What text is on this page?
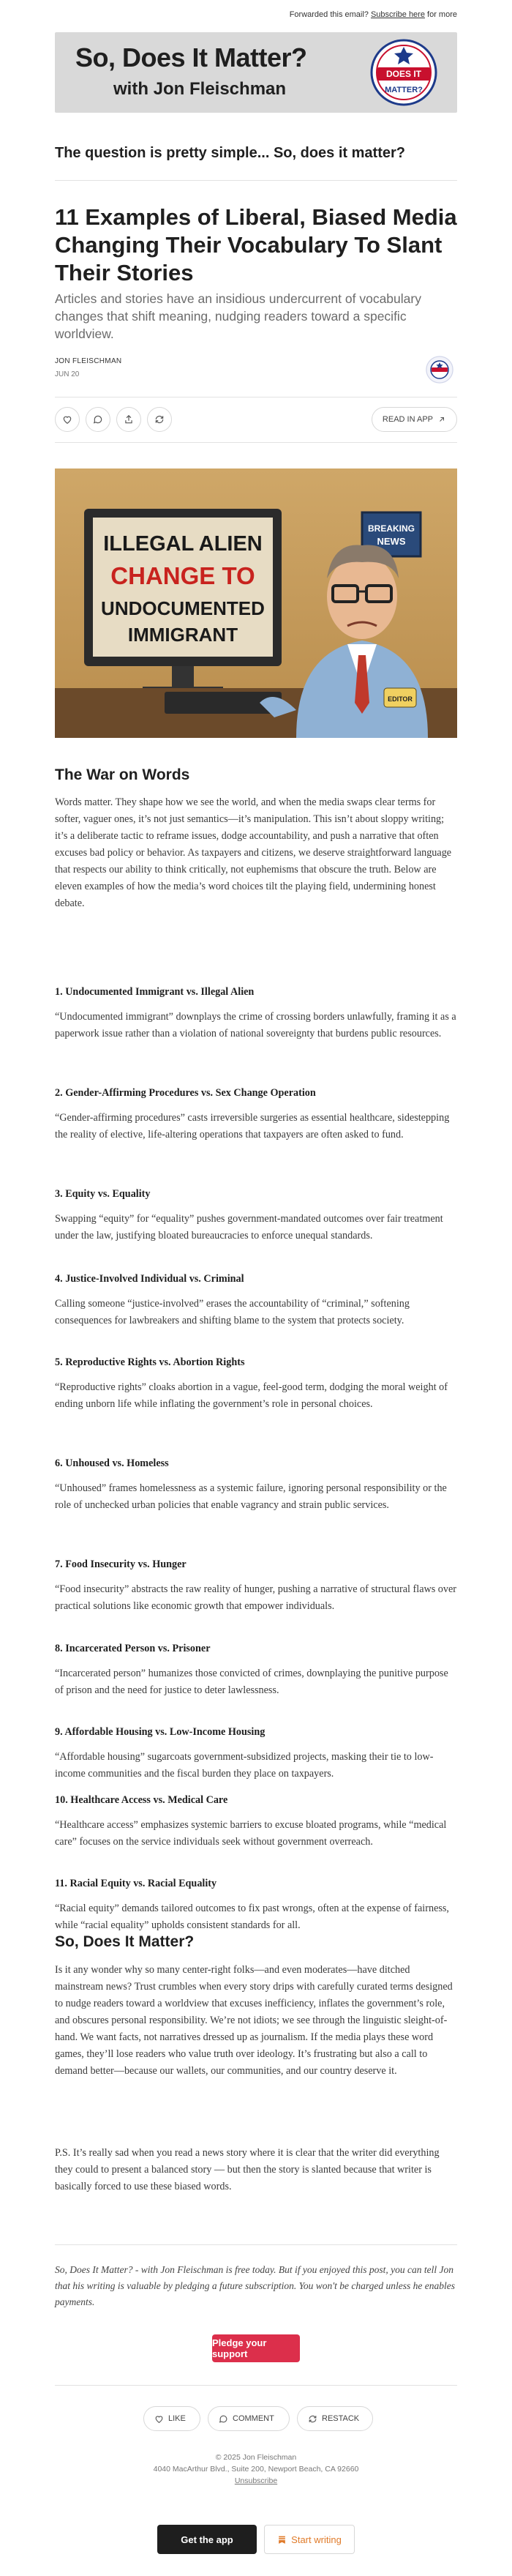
Forwarded this email? Subscribe here for more
So, Does It Matter?
with Jon Fleischman
DOES IT
MATTER?
The question is pretty simple... So, does it matter?
11 Examples of Liberal, Biased Media Changing Their Vocabulary To Slant Their Stories
Articles and stories have an insidious undercurrent of vocabulary changes that shift meaning, nudging readers toward a specific worldview.
JON FLEISCHMAN
JUN 20
READ IN APP
BREAKING
NEWS
ILLEGAL ALIEN
CHANGE TO
UNDOCUMENTED
IMMIGRANT
EDITOR
The War on Words

Words matter. They shape how we see the world, and when the media swaps clear terms for softer, vaguer ones, it’s not just semantics—it’s manipulation. This isn’t about sloppy writing; it’s a deliberate tactic to reframe issues, dodge accountability, and push a narrative that often excuses bad policy or behavior. As taxpayers and citizens, we deserve straightforward language that respects our ability to think critically, not euphemisms that obscure the truth. Below are eleven examples of how the media’s word choices tilt the playing field, undermining honest debate.

1. Undocumented Immigrant vs. Illegal Alien
“Undocumented immigrant” downplays the crime of crossing borders unlawfully, framing it as a paperwork issue rather than a violation of national sovereignty that burdens public resources.
2. Gender-Affirming Procedures vs. Sex Change Operation
“Gender-affirming procedures” casts irreversible surgeries as essential healthcare, sidestepping the reality of elective, life-altering operations that taxpayers are often asked to fund.
3. Equity vs. Equality
Swapping “equity” for “equality” pushes government-mandated outcomes over fair treatment under the law, justifying bloated bureaucracies to enforce unequal standards.
4. Justice-Involved Individual vs. Criminal
Calling someone “justice-involved” erases the accountability of “criminal,” softening consequences for lawbreakers and shifting blame to the system that protects society.
5. Reproductive Rights vs. Abortion Rights
“Reproductive rights” cloaks abortion in a vague, feel-good term, dodging the moral weight of ending unborn life while inflating the government’s role in personal choices.
6. Unhoused vs. Homeless
“Unhoused” frames homelessness as a systemic failure, ignoring personal responsibility or the role of unchecked urban policies that enable vagrancy and strain public services.
7. Food Insecurity vs. Hunger
“Food insecurity” abstracts the raw reality of hunger, pushing a narrative of structural flaws over practical solutions like economic growth that empower individuals.
8. Incarcerated Person vs. Prisoner
“Incarcerated person” humanizes those convicted of crimes, downplaying the punitive purpose of prison and the need for justice to deter lawlessness.
9. Affordable Housing vs. Low-Income Housing
“Affordable housing” sugarcoats government-subsidized projects, masking their tie to low-income communities and the fiscal burden they place on taxpayers.
10. Healthcare Access vs. Medical Care
“Healthcare access” emphasizes systemic barriers to excuse bloated programs, while “medical care” focuses on the service individuals seek without government overreach.
11. Racial Equity vs. Racial Equality
“Racial equity” demands tailored outcomes to fix past wrongs, often at the expense of fairness, while “racial equality” upholds consistent standards for all.
So, Does It Matter?

Is it any wonder why so many center-right folks—and even moderates—have ditched mainstream news? Trust crumbles when every story drips with carefully curated terms designed to nudge readers toward a worldview that excuses inefficiency, inflates the government’s role, and obscures personal responsibility. We’re not idiots; we see through the linguistic sleight-of-hand. We want facts, not narratives dressed up as journalism. If the media plays these word games, they’ll lose readers who value truth over ideology. It’s frustrating but also a call to demand better—because our wallets, our communities, and our country deserve it.

P.S. It’s really sad when you read a news story where it is clear that the writer did everything they could to present a balanced story — but then the story is slanted because that writer is basically forced to use these biased words.

So, Does It Matter? - with Jon Fleischman is free today. But if you enjoyed this post, you can tell Jon that his writing is valuable by pledging a future subscription. You won't be charged unless he enables payments.
Pledge your support
LIKE	COMMENT	RESTACK
© 2025 Jon Fleischman
4040 MacArthur Blvd., Suite 200, Newport Beach, CA 92660
Unsubscribe
Get the app	Start writing
